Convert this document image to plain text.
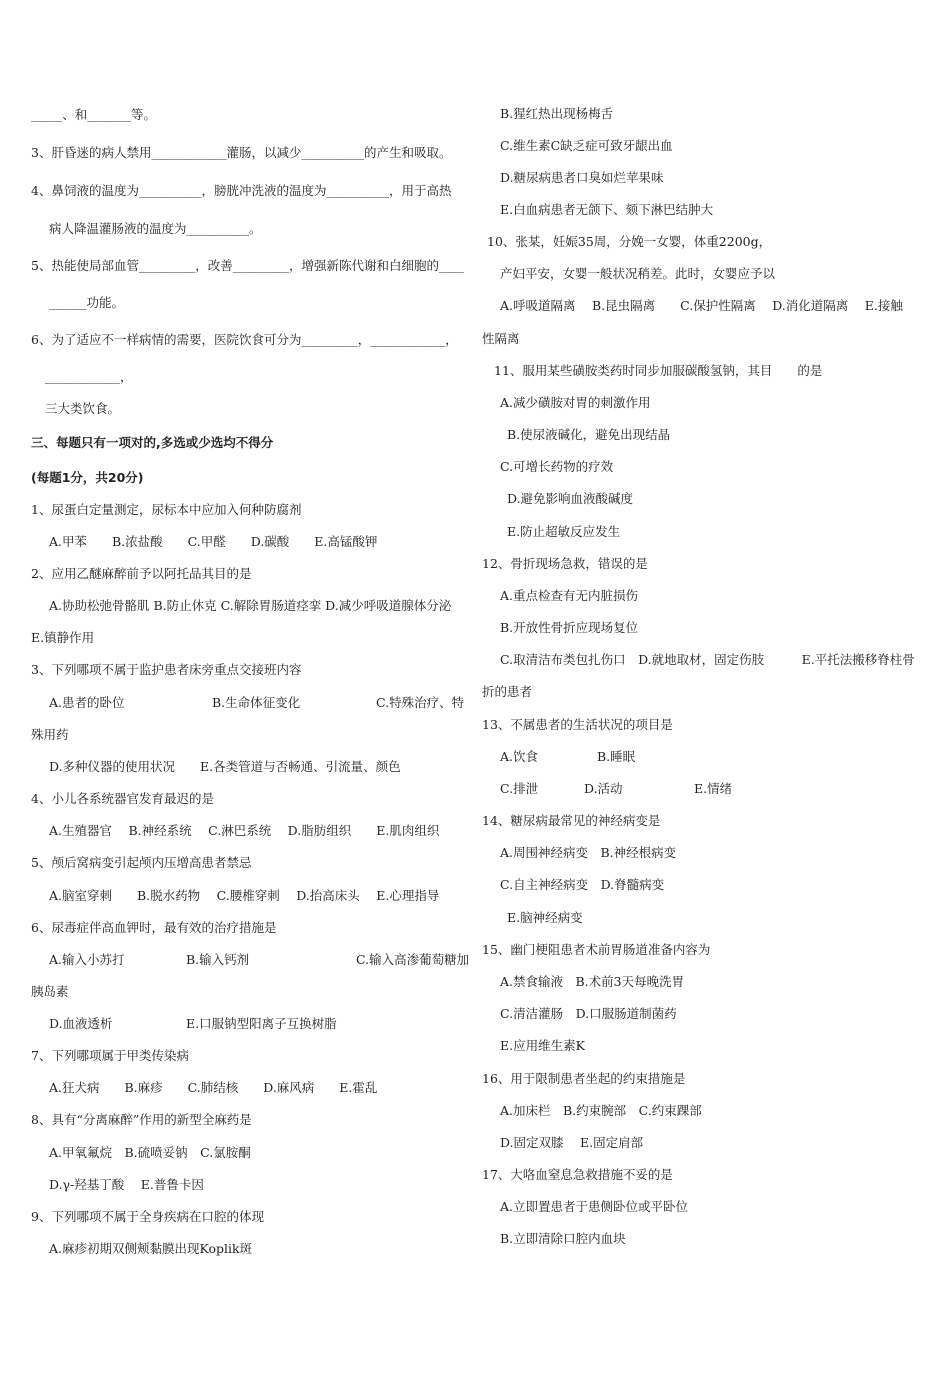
_____、和_______等。
3、肝昏迷的病人禁用____________灌肠，以减少__________的产生和吸取。
4、鼻饲液的温度为__________，膀胱冲洗液的温度为__________，用于高热
病人降温灌肠液的温度为__________。
5、热能使局部血管_________，改善_________，增强新陈代谢和白细胞的____
______功能。
6、为了适应不一样病情的需要，医院饮食可分为_________，____________，
____________，
三大类饮食。
三、每题只有一项对的,多选或少选均不得分
(每题1分，共20分)
1、尿蛋白定量测定，尿标本中应加入何种防腐剂
A.甲苯　　B.浓盐酸　　C.甲醛　　D.碳酸　　E.高锰酸钾
2、应用乙醚麻醉前予以阿托品其目的是
A.协助松弛骨骼肌 B.防止休克 C.解除胃肠道痉挛 D.减少呼吸道腺体分泌
E.镇静作用
3、下列哪项不属于监护患者床旁重点交接班内容
A.患者的卧位	B.生命体征变化	C.特殊治疗、特
殊用药
D.多种仪器的使用状况　　E.各类管道与否畅通、引流量、颜色
4、小儿各系统器官发育最迟的是
A.生殖器官　 B.神经系统　 C.淋巴系统　 D.脂肪组织　　E.肌肉组织
5、颅后窝病变引起颅内压增高患者禁忌
A.脑室穿刺　　B.脱水药物　 C.腰椎穿刺　 D.抬高床头　 E.心理指导
6、尿毒症伴高血钾时，最有效的治疗措施是
A.输入小苏打	B.输入钙剂	C.输入高渗葡萄糖加
胰岛素
D.血液透析	E.口服钠型阳离子互换树脂
7、下列哪项属于甲类传染病
A.狂犬病　　B.麻疹　　C.肺结核　　D.麻风病　　E.霍乱
8、具有“分离麻醉”作用的新型全麻药是
A.甲氧氟烷　B.硫喷妥钠　C.氯胺酮
D.γ-羟基丁酸　 E.普鲁卡因
9、下列哪项不属于全身疾病在口腔的体现
A.麻疹初期双侧颊黏膜出现Koplik斑
B.猩红热出现杨梅舌
C.维生素C缺乏症可致牙龈出血
D.糖尿病患者口臭如烂苹果味
E.白血病患者无颌下、颏下淋巴结肿大
10、张某，妊娠35周，分娩一女婴，体重2200g，
产妇平安，女婴一般状况稍差。此时，女婴应予以
A.呼吸道隔离　 B.昆虫隔离　　C.保护性隔离　 D.消化道隔离　 E.接触
性隔离
11、服用某些磺胺类药时同步加服碳酸氢钠，其目　　的是
A.减少磺胺对胃的刺激作用
B.使尿液碱化，避免出现结晶
C.可增长药物的疗效
D.避免影响血液酸碱度
E.防止超敏反应发生
12、骨折现场急救，错误的是
A.重点检查有无内脏损伤
B.开放性骨折应现场复位
C.取清洁布类包扎伤口　D.就地取材，固定伤肢　　　E.平托法搬移脊柱骨
折的患者
13、不属患者的生活状况的项目是
A.饮食	B.睡眠
C.排泄	D.活动	E.情绪
14、糖尿病最常见的神经病变是
A.周围神经病变　B.神经根病变
C.自主神经病变　D.脊髓病变
E.脑神经病变
15、幽门梗阻患者术前胃肠道准备内容为
A.禁食输液　B.术前3天每晚洗胃
C.清洁灌肠　D.口服肠道制菌药
E.应用维生素K
16、用于限制患者坐起的约束措施是
A.加床栏　B.约束腕部　C.约束踝部
D.固定双膝　 E.固定肩部
17、大咯血窒息急救措施不妥的是
A.立即置患者于患侧卧位或平卧位
B.立即清除口腔内血块
